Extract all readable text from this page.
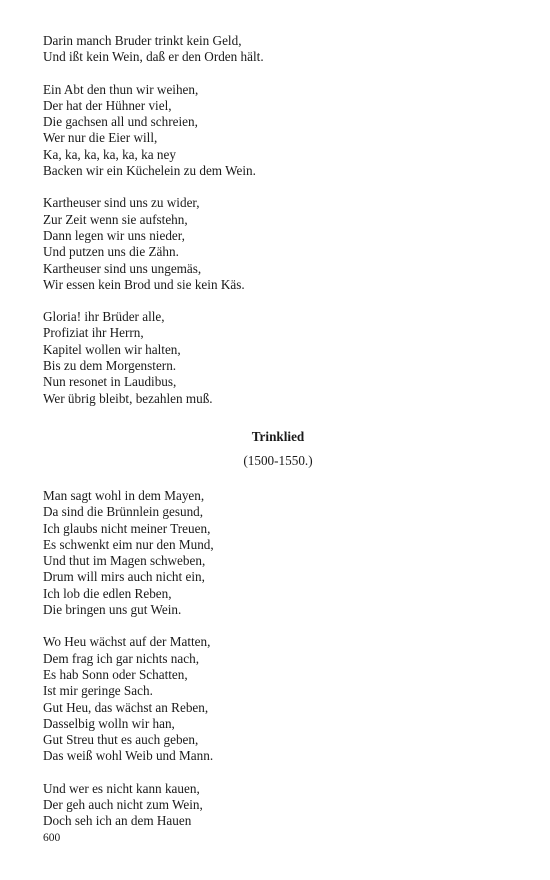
Darin manch Bruder trinkt kein Geld,
Und ißt kein Wein, daß er den Orden hält.
Ein Abt den thun wir weihen,
Der hat der Hühner viel,
Die gachsen all und schreien,
Wer nur die Eier will,
Ka, ka, ka, ka, ka, ka ney
Backen wir ein Küchelein zu dem Wein.
Kartheuser sind uns zu wider,
Zur Zeit wenn sie aufstehn,
Dann legen wir uns nieder,
Und putzen uns die Zähn.
Kartheuser sind uns ungemäs,
Wir essen kein Brod und sie kein Käs.
Gloria! ihr Brüder alle,
Profiziat ihr Herrn,
Kapitel wollen wir halten,
Bis zu dem Morgenstern.
Nun resonet in Laudibus,
Wer übrig bleibt, bezahlen muß.
Trinklied
(1500-1550.)
Man sagt wohl in dem Mayen,
Da sind die Brünnlein gesund,
Ich glaubs nicht meiner Treuen,
Es schwenkt eim nur den Mund,
Und thut im Magen schweben,
Drum will mirs auch nicht ein,
Ich lob die edlen Reben,
Die bringen uns gut Wein.
Wo Heu wächst auf der Matten,
Dem frag ich gar nichts nach,
Es hab Sonn oder Schatten,
Ist mir geringe Sach.
Gut Heu, das wächst an Reben,
Dasselbig wolln wir han,
Gut Streu thut es auch geben,
Das weiß wohl Weib und Mann.
Und wer es nicht kann kauen,
Der geh auch nicht zum Wein,
Doch seh ich an dem Hauen
600
